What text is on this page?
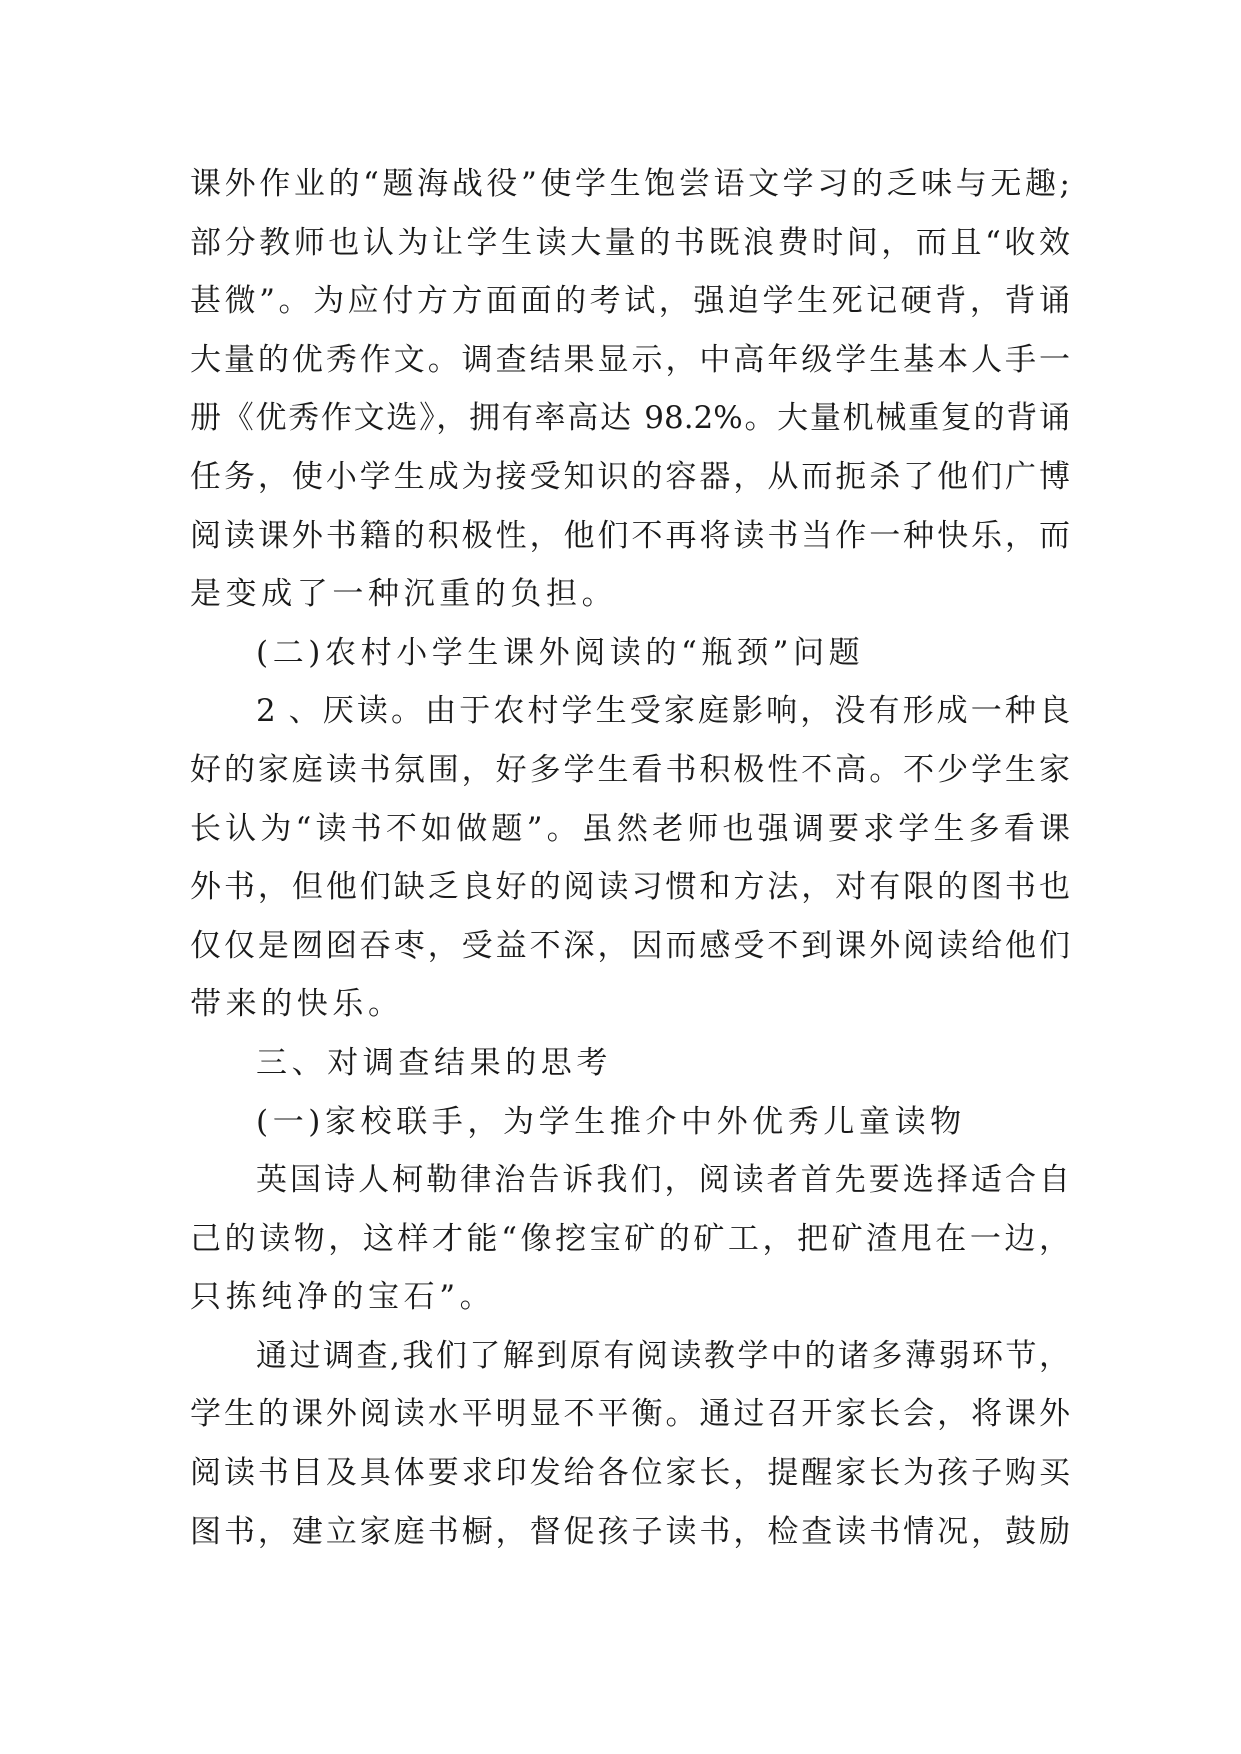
课外作业的“题海战役”使学生饱尝语文学习的乏味与无趣;
部分教师也认为让学生读大量的书既浪费时间，而且“收效
甚微”。为应付方方面面的考试，强迫学生死记硬背，背诵
大量的优秀作文。调查结果显示，中高年级学生基本人手一
册《优秀作文选》，拥有率高达 98.2%。大量机械重复的背诵
任务，使小学生成为接受知识的容器，从而扼杀了他们广博
阅读课外书籍的积极性，他们不再将读书当作一种快乐，而
是变成了一种沉重的负担。
(二)农村小学生课外阅读的“瓶颈”问题
2 、厌读。由于农村学生受家庭影响，没有形成一种良
好的家庭读书氛围，好多学生看书积极性不高。不少学生家
长认为“读书不如做题”。虽然老师也强调要求学生多看课
外书，但他们缺乏良好的阅读习惯和方法，对有限的图书也
仅仅是囫囵吞枣，受益不深，因而感受不到课外阅读给他们
带来的快乐。
三、对调查结果的思考
(一)家校联手，为学生推介中外优秀儿童读物
英国诗人柯勒律治告诉我们，阅读者首先要选择适合自
己的读物，这样才能“像挖宝矿的矿工，把矿渣甩在一边，
只拣纯净的宝石”。
通过调查,我们了解到原有阅读教学中的诸多薄弱环节，
学生的课外阅读水平明显不平衡。通过召开家长会，将课外
阅读书目及具体要求印发给各位家长，提醒家长为孩子购买
图书，建立家庭书橱，督促孩子读书，检查读书情况，鼓励
